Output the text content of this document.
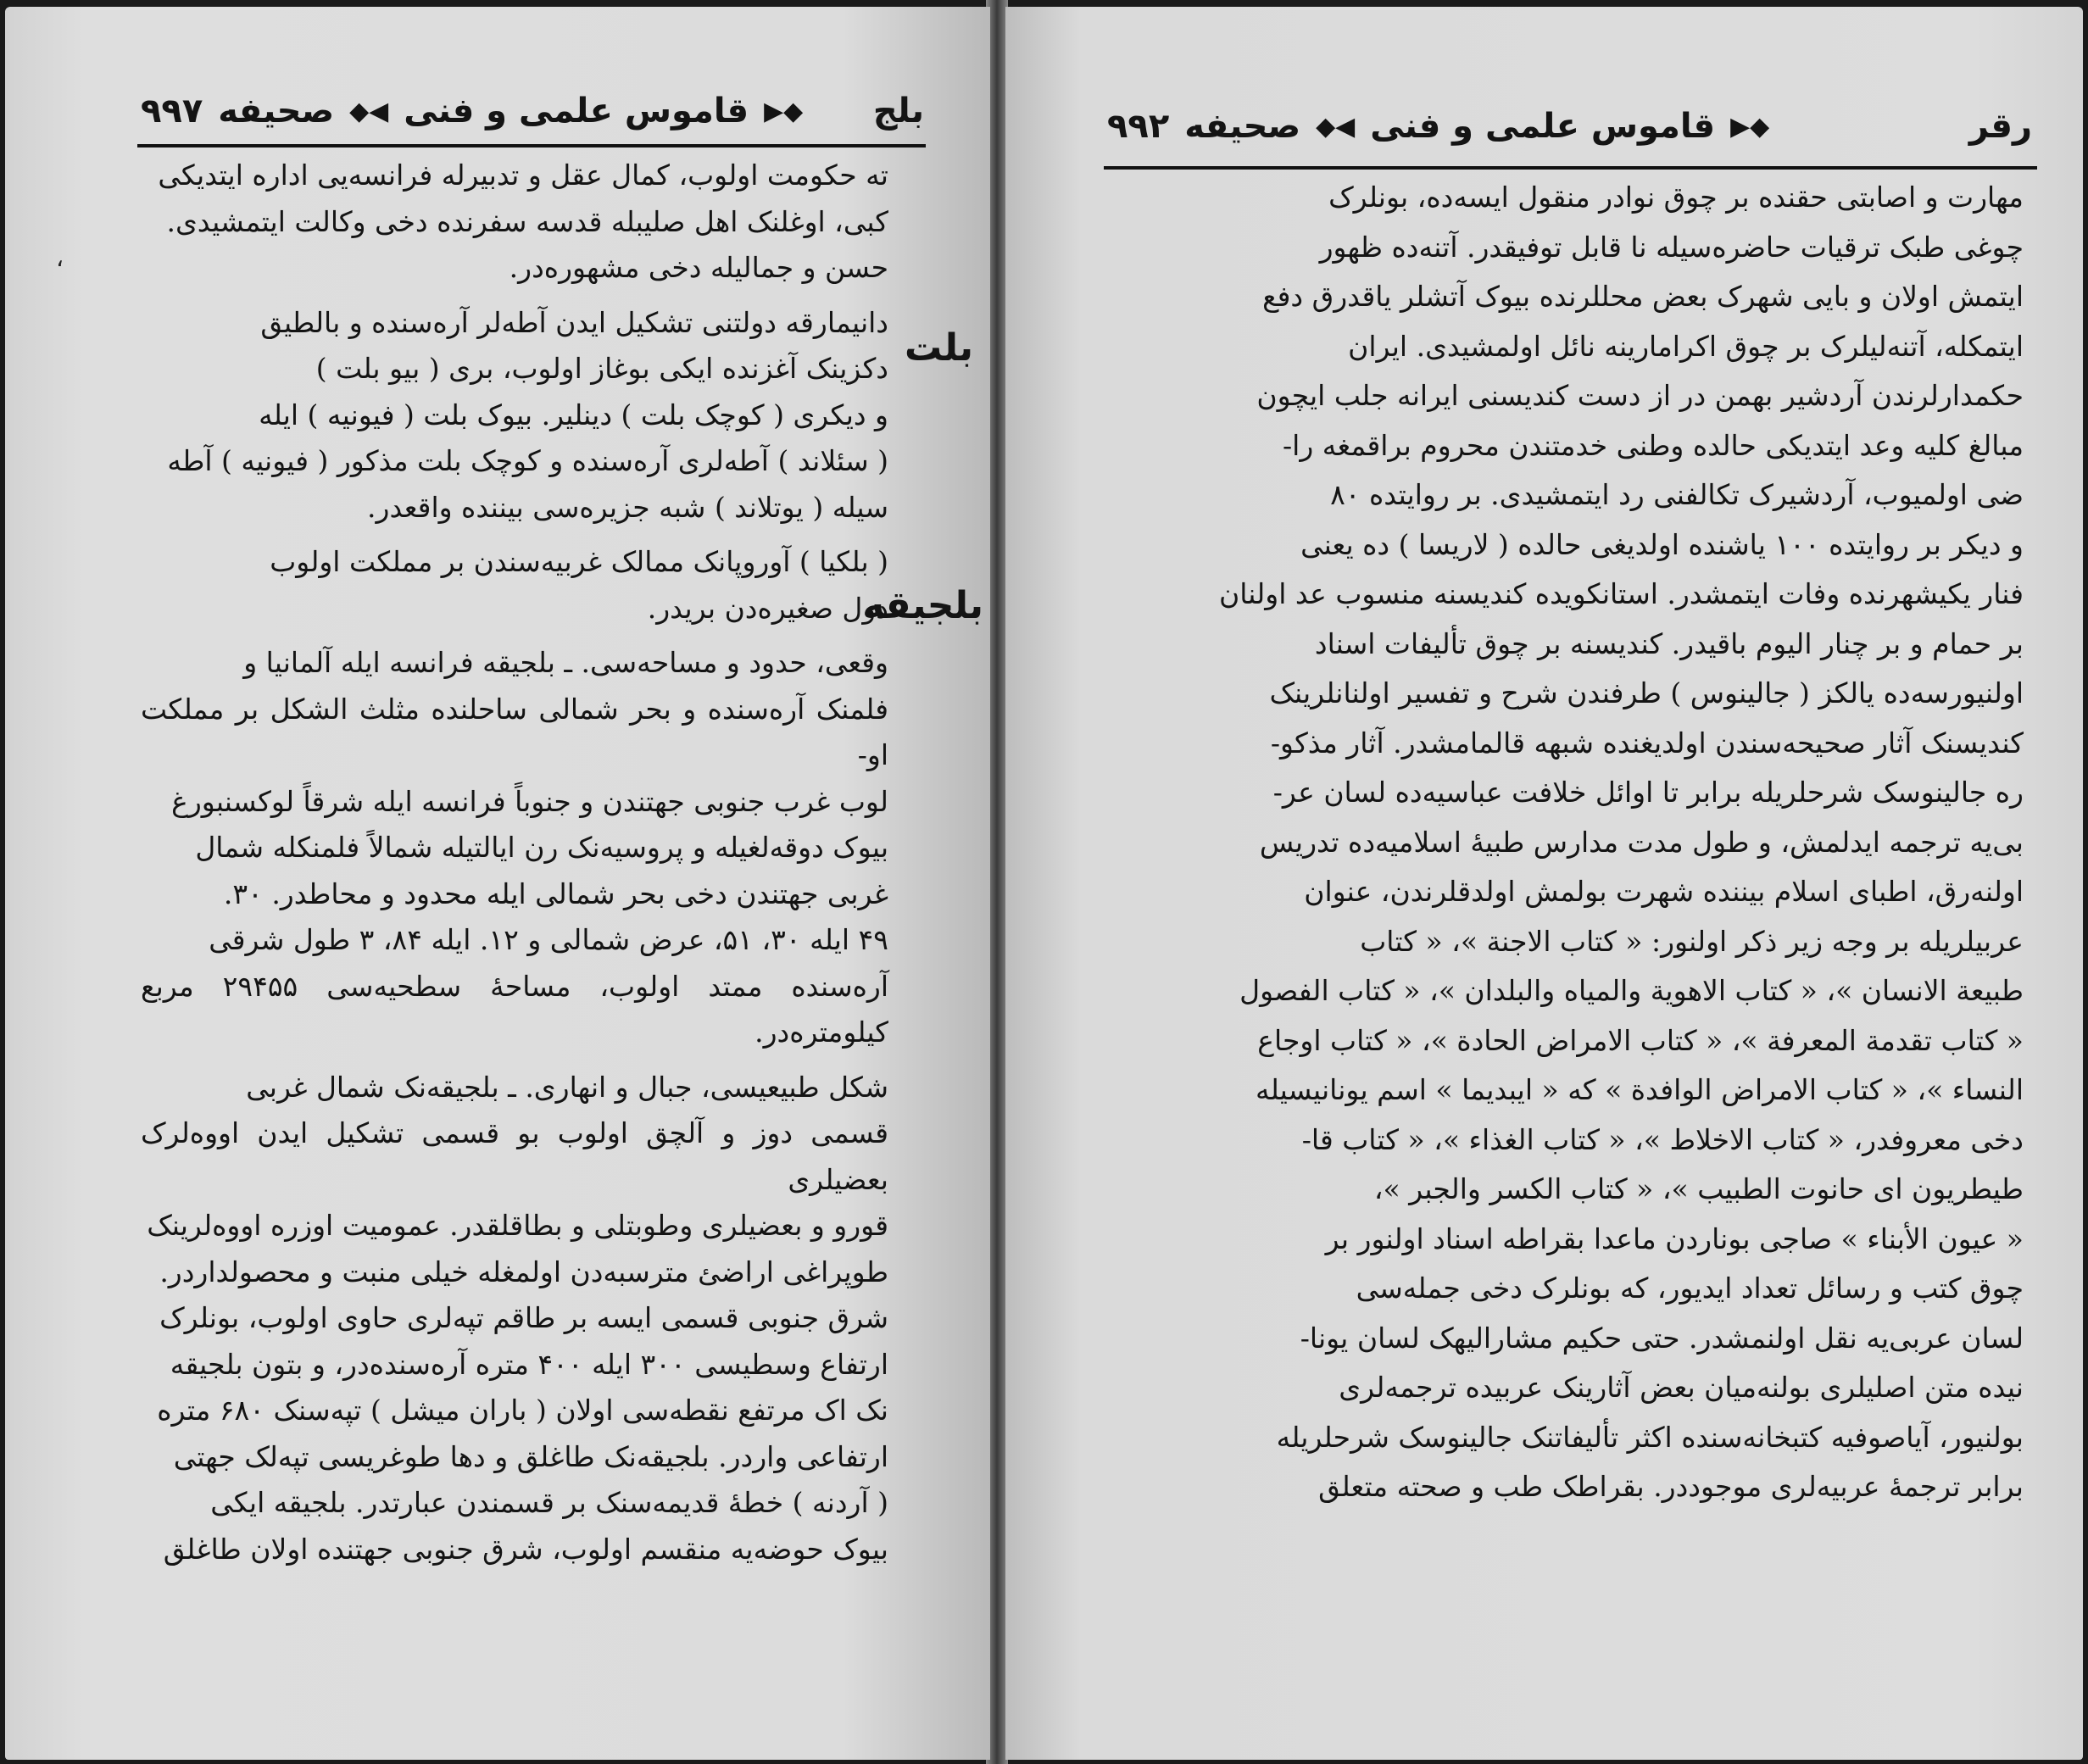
بلج
◆▶
قاموس علمی و فنی
◀◆
صحیفه
۹۹۷
،

ته حکومت اولوب، کمال عقل و تدبیرله فرانسه‌یی اداره ایتدیکی

کبی، اوغلنک اهل صلیبله قدسه سفرنده دخی وکالت ایتمشیدی.

حسن و جمالیله دخی مشهوره‌در.

بلت

دانیمارقه دولتنی تشکیل ایدن آطه‌لر آره‌سنده و بالطیق

دکزینک آغزنده ایکی بوغاز اولوب، بری ( بیو بلت )

و دیکری ( کوچک بلت ) دینلیر. بیوک بلت ( فیونیه ) ایله

( سئلاند ) آطه‌لری آره‌سنده و کوچک بلت مذکور ( فیونیه ) آطه

سیله ( یوتلاند ) شبه جزیره‌سی بیننده واقعدر.

بلجیقه

( بلکیا ) آوروپانک ممالک غربیه‌سندن بر مملکت اولوب

دول صغیره‌دن بریدر.

وقعی، حدود و مساحه‌سی. ـ بلجیقه فرانسه ایله آلمانیا و

فلمنک آره‌سنده و بحر شمالی ساحلنده مثلث الشکل بر مملکت او-

لوب غرب جنوبی جهتندن و جنوباً فرانسه ایله شرقاً لوکسنبورغ

بیوک دوقه‌لغیله و پروسیه‌نک رن ایالتیله شمالاً فلمنکله شمال

غربی جهتندن دخی بحر شمالی ایله محدود و محاطدر. ۳۰.

۴۹ ایله ۳۰، ۵۱، عرض شمالی و ۱۲. ایله ۸۴، ۳ طول شرقی

آره‌سنده ممتد اولوب، مساحهٔ سطحیه‌سی ۲۹۴۵۵ مربع کیلومتره‌در.

شکل طبیعیسی، جبال و انهاری. ـ بلجیقه‌نک شمال غربی

قسمی دوز و آلچق اولوب بو قسمی تشکیل ایدن اووه‌لرک بعضیلری

قورو و بعضیلری وطوبتلی و بطاقلقدر. عمومیت اوزره اووه‌لرینک

طوپراغی اراضئ مترسبه‌دن اولمغله خیلی منبت و محصولداردر.

شرق جنوبی قسمی ایسه بر طاقم تپه‌لری حاوی اولوب، بونلرک

ارتفاع وسطیسی ۳۰۰ ایله ۴۰۰ متره آره‌سنده‌در، و بتون بلجیقه‌

نک اک مرتفع نقطه‌سی اولان ( باران میشل ) تپه‌سنک ۶۸۰ متره

ارتفاعی واردر. بلجیقه‌نک طاغلق و دها طوغریسی تپه‌لک جهتی

( آردنه ) خطهٔ قدیمه‌سنک بر قسمندن عبارتدر. بلجیقه ایکی

بیوک حوضه‌یه منقسم اولوب، شرق جنوبی جهتنده اولان طاغلق

رقر
◆▶
قاموس علمی و فنی
◀◆
صحیفه
۹۹۲

مهارت و اصابتی حقنده بر چوق نوادر منقول ایسه‌ده، بونلرک

چوغی طبک ترقیات حاضره‌سیله نا قابل توفیقدر. آتنه‌ده ظهور

ایتمش اولان و بایی شهرک بعض محللرنده بیوک آتشلر یاقدرق دفع

ایتمکله، آتنه‌لیلرک بر چوق اکرامارینه نائل اولمشیدی. ایران

حکمدارلرندن آردشیر بهمن در از دست کندیسنی ایرانه جلب ایچون

مبالغ کلیه وعد ایتدیکی حالده وطنی خدمتندن محروم براقمغه را-

ضی اولمیوب، آردشیرک تکالفنی رد ایتمشیدی. بر روایتده ۸۰

و دیکر بر روایتده ۱۰۰ یاشنده اولدیغی حالده ( لاریسا ) ده یعنی

فنار یکیشهرنده وفات ایتمشدر. استانکویده کندیسنه منسوب عد اولنان

بر حمام و بر چنار الیوم باقیدر. کندیسنه بر چوق تألیفات اسناد

اولنیورسه‌ده یالکز ( جالینوس ) طرفندن شرح و تفسیر اولنانلرینک

کندیسنک آثار صحیحه‌سندن اولدیغنده شبهه قالمامشدر. آثار مذکو-

ره جالینوسک شرحلریله برابر تا اوائل خلافت عباسیه‌ده لسان عر-

بی‌یه ترجمه ایدلمش، و طول مدت مدارس طبیهٔ اسلامیه‌ده تدریس

اولنه‌رق، اطبای اسلام بیننده شهرت بولمش اولدقلرندن، عنوان

عربیلریله بر وجه زیر ذکر اولنور: « کتاب الاجنة »، « کتاب

طبیعة الانسان »، « کتاب الاهویة والمیاه والبلدان »، « کتاب الفصول

« کتاب تقدمة المعرفة »، « کتاب الامراض الحادة »، « کتاب اوجاع

النساء »، « کتاب الامراض الوافدة » که « ایبدیما » اسم یونانیسیله

دخی معروفدر، « کتاب الاخلاط »، « کتاب الغذاء »، « کتاب قا-

طیطریون ای حانوت الطبیب »، « کتاب الکسر والجبر »،

« عیون الأبناء » صاجی بوناردن ماعدا بقراطه اسناد اولنور بر

چوق کتب و رسائل تعداد ایدیور، که بونلرک دخی جمله‌سی

لسان عربی‌یه نقل اولنمشدر. حتی حکیم مشارالیهک لسان یونا-

نیده متن اصلیلری بولنه‌میان بعض آثارینک عربیده ترجمه‌لری

بولنیور، آیاصوفیه کتبخانه‌سنده اکثر تألیفاتنک جالینوسک شرحلریله

برابر ترجمهٔ عربیه‌لری موجوددر. بقراطک طب و صحته متعلق
